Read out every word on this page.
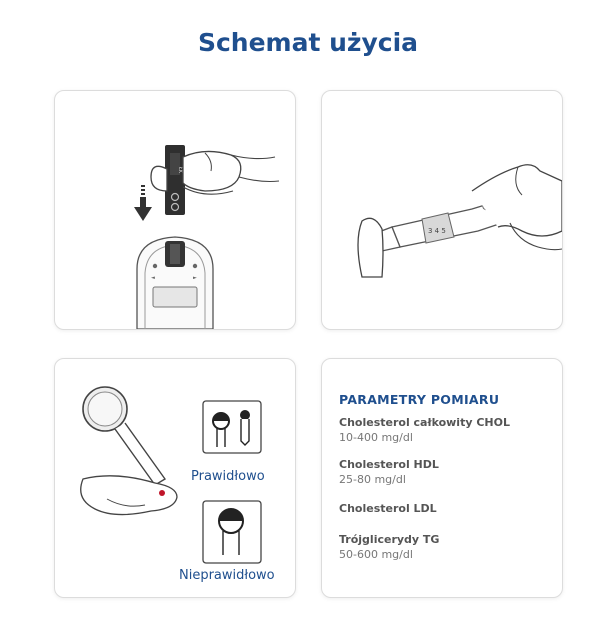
Schemat użycia
◄	►
ŁK
3 4 5
Prawidłowo
Nieprawidłowo
PARAMETRY POMIARU
Cholesterol całkowity CHOL
10-400 mg/dl
Cholesterol HDL
25-80 mg/dl
Cholesterol LDL
Trójglicerydy TG
50-600 mg/dl
